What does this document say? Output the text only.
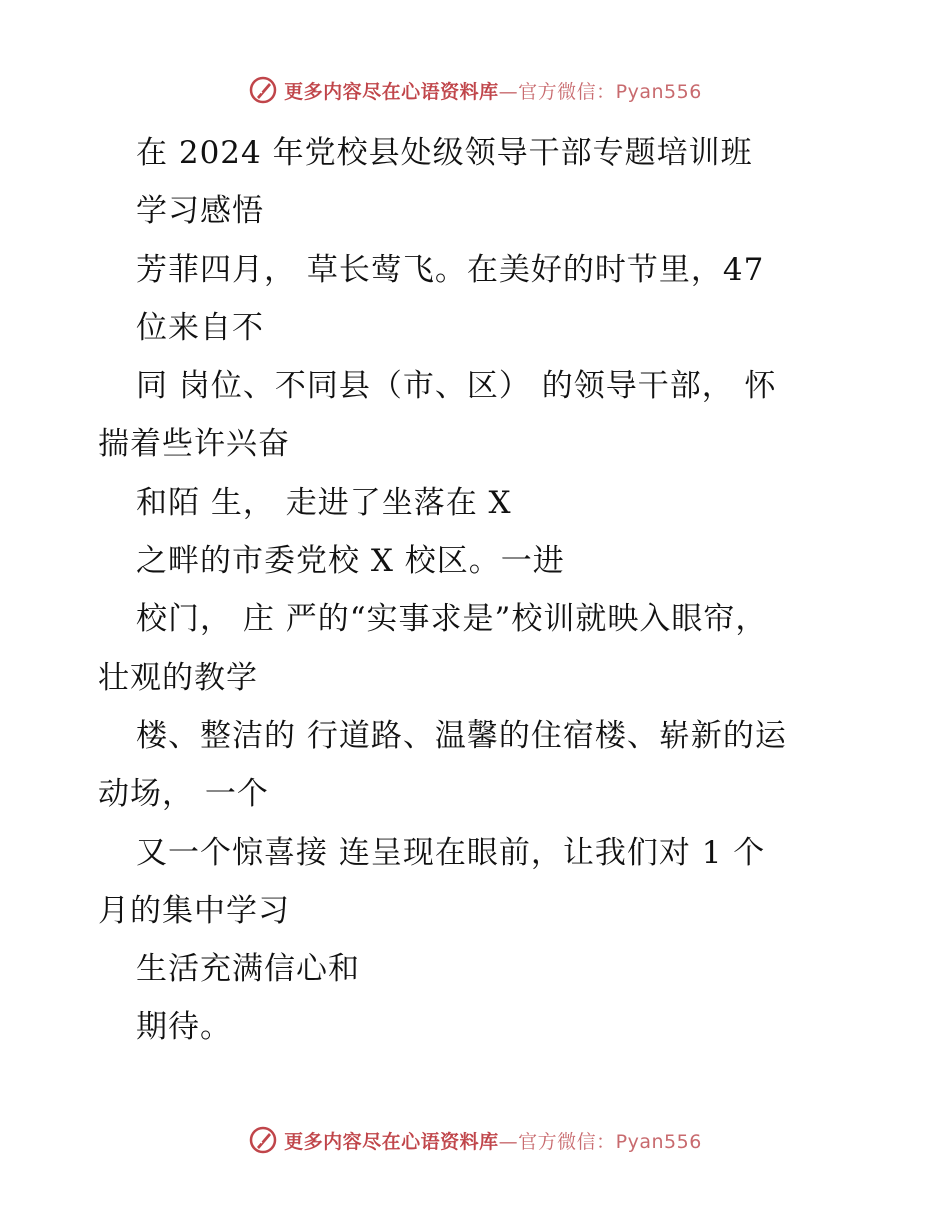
更多内容尽在心语资料库—官方微信：Pyan556
在 2024 年党校县处级领导干部专题培训班
学习感悟
芳菲四月， 草长莺飞。在美好的时节里，47
位来自不
同 岗位、不同县（市、区） 的领导干部， 怀
揣着些许兴奋
和陌 生， 走进了坐落在 X
之畔的市委党校 X 校区。一进
校门， 庄 严的“实事求是”校训就映入眼帘，
壮观的教学
楼、整洁的 行道路、温馨的住宿楼、崭新的运
动场， 一个
又一个惊喜接 连呈现在眼前，让我们对 1 个
月的集中学习
生活充满信心和
期待。
更多内容尽在心语资料库—官方微信：Pyan556
